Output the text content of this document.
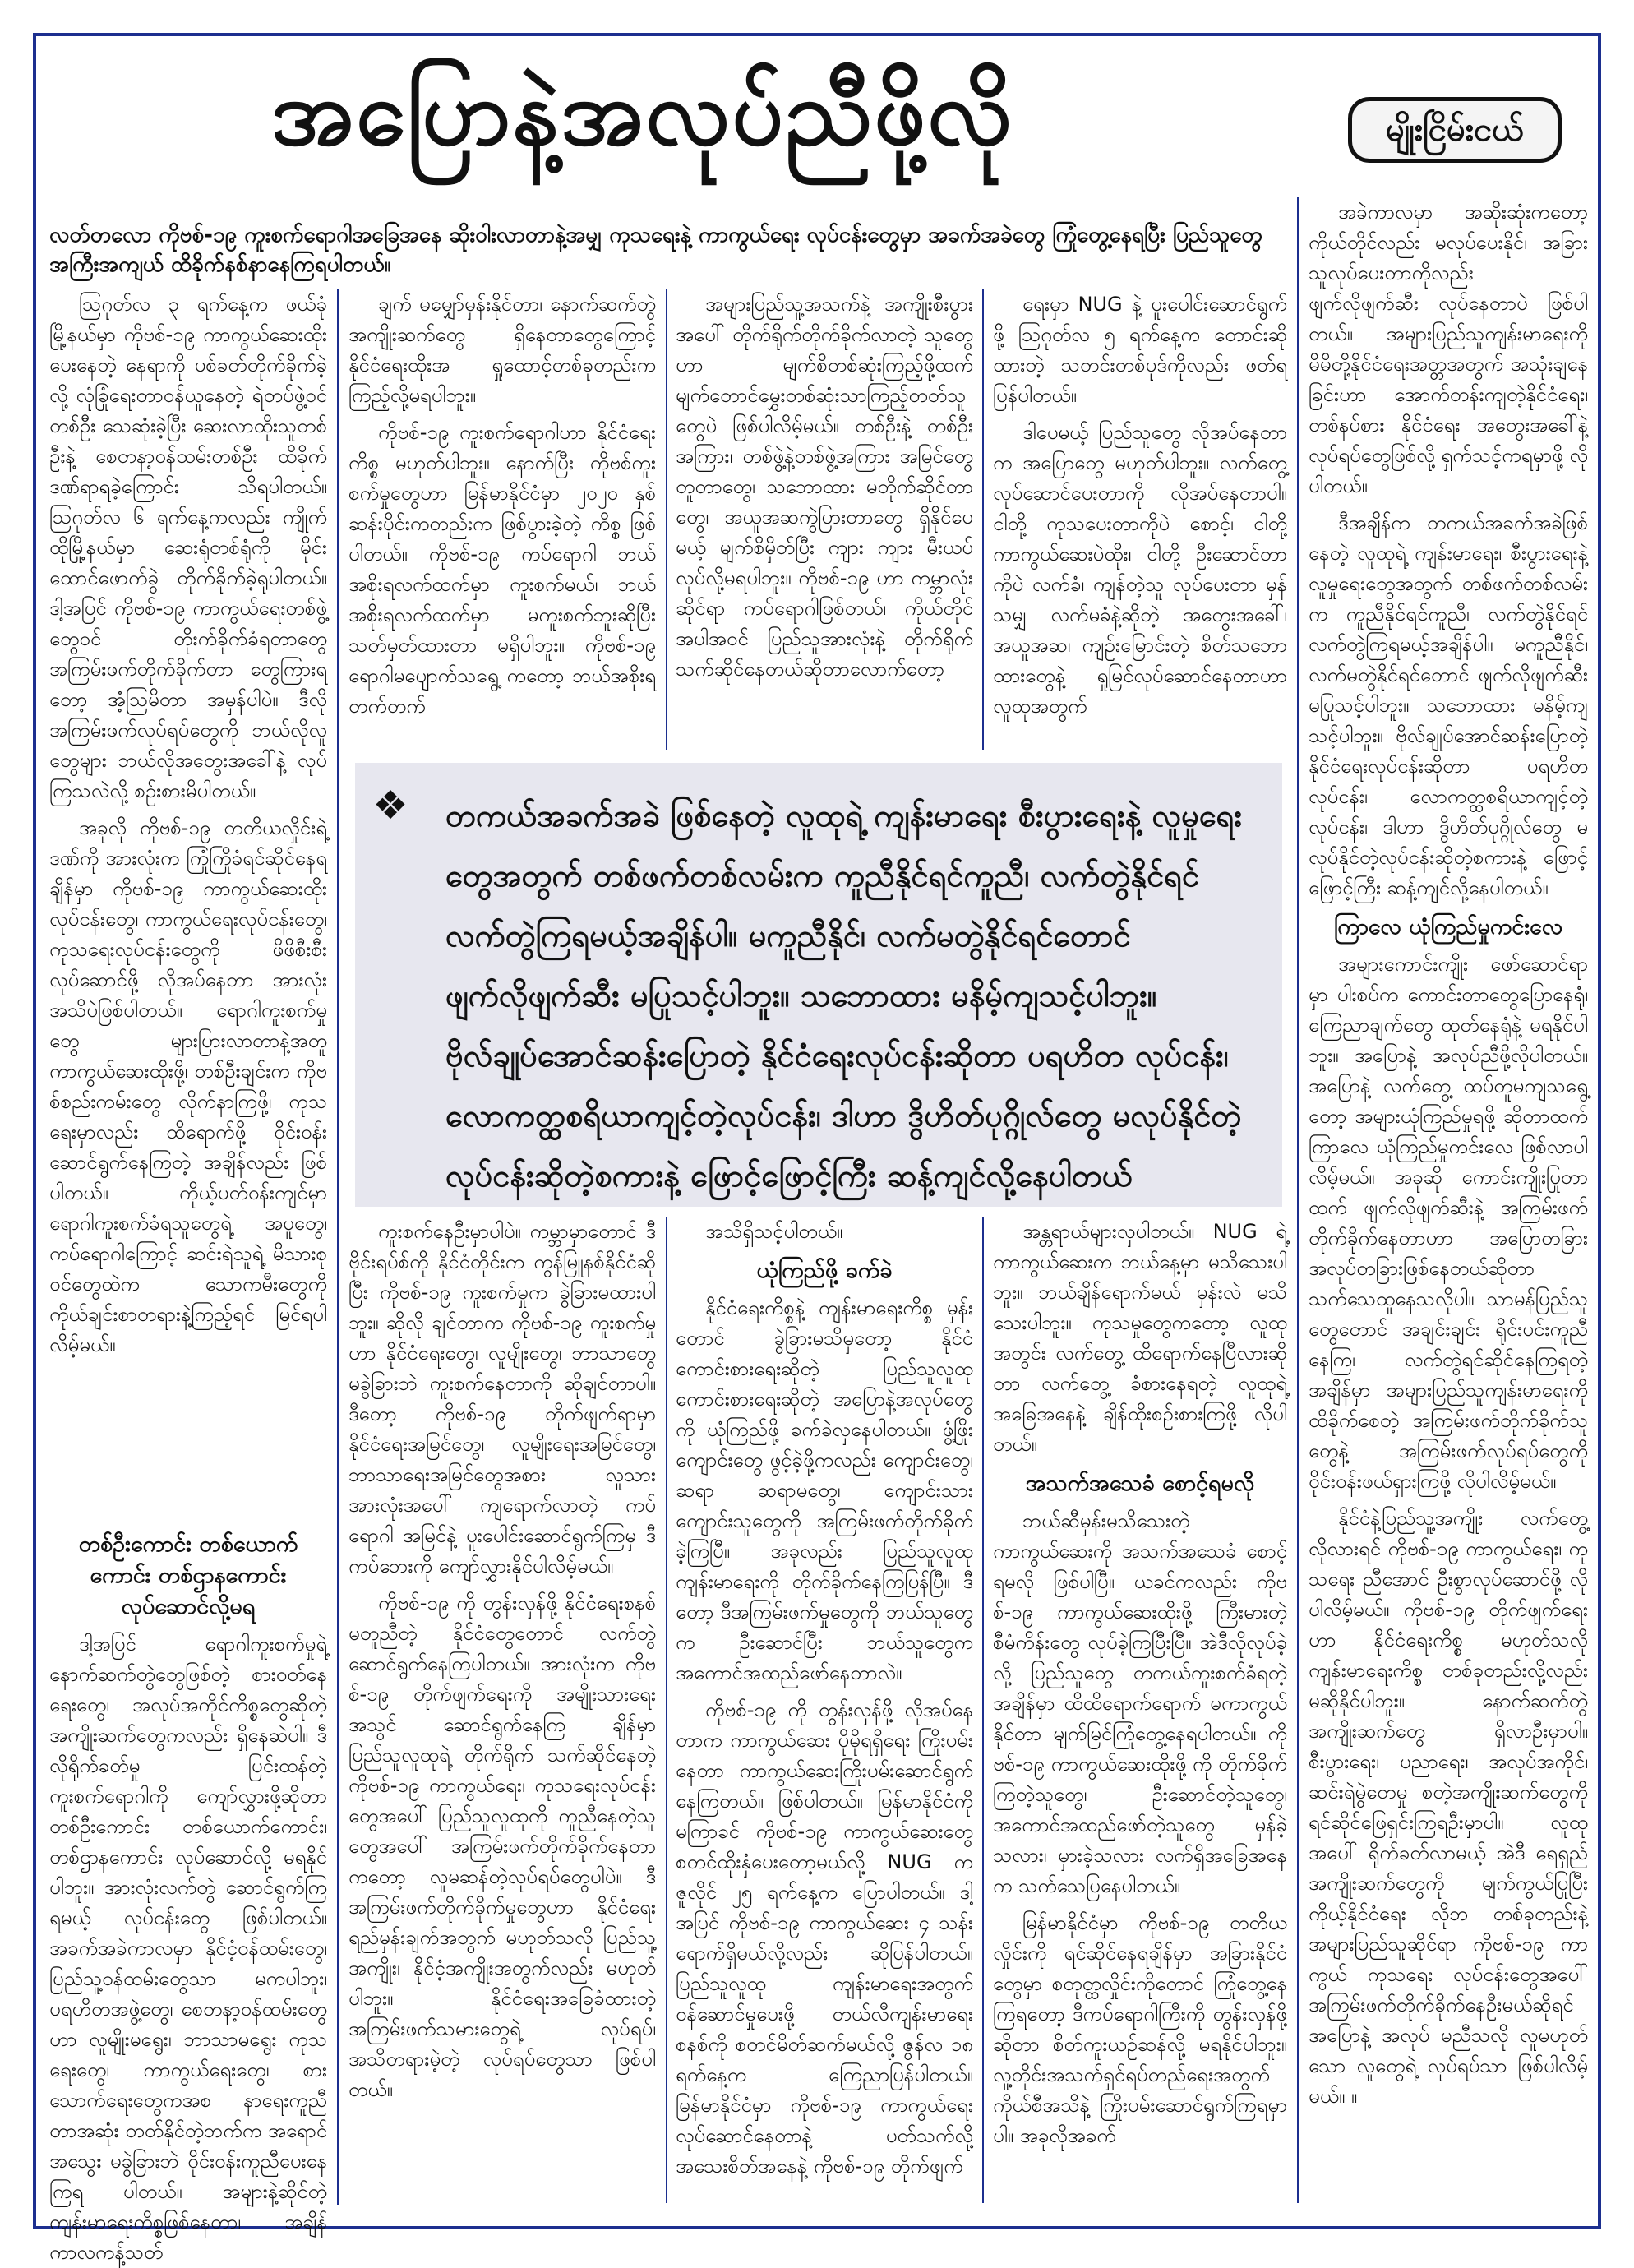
အပြောနဲ့အလုပ်ညီဖို့လို	မျိုးငြိမ်းငယ်
လတ်တလော ကိုဗစ်-၁၉ ကူးစက်ရောဂါအခြေအနေ ဆိုးဝါးလာတာနဲ့အမျှ ကုသရေးနဲ့ ကာကွယ်ရေး လုပ်ငန်းတွေမှာ အခက်အခဲတွေ ကြုံတွေ့နေရပြီး ပြည်သူတွေ အကြီးအကျယ် ထိခိုက်နစ်နာနေကြရပါတယ်။

ဩဂုတ်လ ၃ ရက်နေ့က ဖယ်ခုံမြို့နယ်မှာ ကိုဗစ်-၁၉ ကာကွယ်ဆေးထိုးပေးနေတဲ့ နေရာကို ပစ်ခတ်တိုက်ခိုက်ခဲ့လို့ လုံခြုံရေးတာဝန်ယူနေတဲ့ ရဲတပ်ဖွဲ့ဝင်တစ်ဦး သေဆုံးခဲ့ပြီး ဆေးလာထိုးသူတစ်ဦးနဲ့ စေတနာ့ဝန်ထမ်းတစ်ဦး ထိခိုက်ဒဏ်ရာရခဲ့ကြောင်း သိရပါတယ်။ ဩဂုတ်လ ၆ ရက်နေ့ကလည်း ကျိုက်ထိုမြို့နယ်မှာ ဆေးရုံတစ်ရုံကို မိုင်းထောင်ဖောက်ခွဲ တိုက်ခိုက်ခဲ့ရုပါတယ်။ ဒါ့အပြင် ကိုဗစ်-၁၉ ကာကွယ်ရေးတစ်ဖွဲ့တွေဝင် တိုးက်ခိုက်ခံရတာတွေ အကြမ်းဖက်တိုက်ခိုက်တာ တွေကြားရတော့ အံ့သြမိတာ အမှန်ပါပဲ။ ဒီလို အကြမ်းဖက်လုပ်ရပ်တွေကို ဘယ်လိုလူတွေများ ဘယ်လိုအတွေးအခေါ်နဲ့ လုပ်ကြသလဲလို့ စဉ်းစားမိပါတယ်။

အခုလို ကိုဗစ်-၁၉ တတိယလှိုင်းရဲ့ ဒဏ်ကို အားလုံးက ကြုံကြိုခံရင်ဆိုင်နေရချိန်မှာ ကိုဗစ်-၁၉ ကာကွယ်ဆေးထိုး လုပ်ငန်းတွေ၊ ကာကွယ်ရေးလုပ်ငန်းတွေ၊ ကုသရေးလုပ်ငန်းတွေကို ဖိဖိစီးစီး လုပ်ဆောင်ဖို့ လိုအပ်နေတာ အားလုံးအသိပဲဖြစ်ပါတယ်။ ရောဂါကူးစက်မှုတွေ များပြားလာတာနဲ့အတူ ကာကွယ်ဆေးထိုးဖို့၊ တစ်ဦးချင်းက ကိုဗစ်စည်းကမ်းတွေ လိုက်နာကြဖို့၊ ကုသရေးမှာလည်း ထိရောက်ဖို့ ဝိုင်းဝန်းဆောင်ရွက်နေကြတဲ့ အချိန်လည်း ဖြစ်ပါတယ်။ ကိုယ့်ပတ်ဝန်းကျင်မှာ ရောဂါကူးစက်ခံရသူတွေရဲ့ အပူတွေ၊ ကပ်ရောဂါကြောင့် ဆင်းရဲသူရဲ့ မိသားစုဝင်တွေထဲက သောကမီးတွေကို ကိုယ်ချင်းစာတရားနဲ့ကြည့်ရင် မြင်ရပါလိမ့်မယ်။

တစ်ဦးကောင်း တစ်ယောက်ကောင်း တစ်ဌာနကောင်း လုပ်ဆောင်လို့မရ

ဒါ့အပြင် ရောဂါကူးစက်မှုရဲ့ နောက်ဆက်တွဲတွေဖြစ်တဲ့ စားဝတ်နေရေးတွေ၊ အလုပ်အကိုင်ကိစ္စတွေဆိုတဲ့ အကျိုးဆက်တွေကလည်း ရှိနေဆဲပါ။ ဒီလိုရိုက်ခတ်မှု ပြင်းထန်တဲ့ ကူးစက်ရောဂါကို ကျော်လွှားဖို့ဆိုတာ တစ်ဦးကောင်း တစ်ယောက်ကောင်း၊ တစ်ဌာနကောင်း လုပ်ဆောင်လို့ မရနိုင်ပါဘူး။ အားလုံးလက်တွဲ ဆောင်ရွက်ကြရမယ့် လုပ်ငန်းတွေ ဖြစ်ပါတယ်။ အခက်အခဲကာလမှာ နိုင်ငံ့ဝန်ထမ်းတွေ၊ ပြည်သူ့ဝန်ထမ်းတွေသာ မကပါဘူး၊ ပရဟိတအဖွဲ့တွေ၊ စေတနာ့ဝန်ထမ်းတွေဟာ လူမျိုးမရွေး၊ ဘာသာမရွေး ကုသရေးတွေ၊ ကာကွယ်ရေးတွေ၊ စားသောက်ရေးတွေကအစ နာရေးကူညီတာအဆုံး တတ်နိုင်တဲ့ဘက်က အရောင်အသွေး မခွဲခြားဘဲ ဝိုင်းဝန်းကူညီပေးနေကြရ ပါတယ်။ အများနဲ့ဆိုင်တဲ့ ကျန်းမာရေးကိစ္စဖြစ်နေတာ၊ အချိန်ကာလကန့်သတ်

ချက် မမျှော်မှန်းနိုင်တာ၊ နောက်ဆက်တွဲ အကျိုးဆက်တွေ ရှိနေတာတွေကြောင့် နိုင်ငံရေးထိုးအ ရှုထောင့်တစ်ခုတည်းက ကြည့်လို့မရပါဘူး။

ကိုဗစ်-၁၉ ကူးစက်ရောဂါဟာ နိုင်ငံရေးကိစ္စ မဟုတ်ပါဘူး။ နောက်ပြီး ကိုဗစ်ကူးစက်မှုတွေဟာ မြန်မာနိုင်ငံမှာ ၂၀၂၀ နှစ်ဆန်းပိုင်းကတည်းက ဖြစ်ပွားခဲ့တဲ့ ကိစ္စ ဖြစ်ပါတယ်။ ကိုဗစ်-၁၉ ကပ်ရောဂါ ဘယ်အစိုးရလက်ထက်မှာ ကူးစက်မယ်၊ ဘယ်အစိုးရလက်ထက်မှာ မကူးစက်ဘူးဆိုပြီး သတ်မှတ်ထားတာ မရှိပါဘူး။ ကိုဗစ်-၁၉ ရောဂါမပျောက်သရွေ့ ကတော့ ဘယ်အစိုးရတက်တက်

ကူးစက်နေဦးမှာပါပဲ။ ကမ္ဘာမှာတောင် ဒီဗိုင်းရပ်စ်ကို နိုင်ငံတိုင်းက ကွန်မြူနစ်နိုင်ငံဆိုပြီး ကိုဗစ်-၁၉ ကူးစက်မှုက ခွဲခြားမထားပါဘူး။ ဆိုလို ချင်တာက ကိုဗစ်-၁၉ ကူးစက်မှုဟာ နိုင်ငံရေးတွေ၊ လူမျိုးတွေ၊ ဘာသာတွေ မခွဲခြားဘဲ ကူးစက်နေတာကို ဆိုချင်တာပါ။ ဒီတော့ ကိုဗစ်-၁၉ တိုက်ဖျက်ရာမှာ နိုင်ငံရေးအမြင်တွေ၊ လူမျိုးရေးအမြင်တွေ၊ ဘာသာရေးအမြင်တွေအစား လူသားအားလုံးအပေါ် ကျရောက်လာတဲ့ ကပ်ရောဂါ အမြင်နဲ့ ပူးပေါင်းဆောင်ရွက်ကြမှ ဒီကပ်ဘေးကို ကျော်လွှားနိုင်ပါလိမ့်မယ်။

ကိုဗစ်-၁၉ ကို တွန်းလှန်ဖို့ နိုင်ငံရေးစနစ် မတူညီတဲ့ နိုင်ငံတွေတောင် လက်တွဲ ဆောင်ရွက်နေကြပါတယ်။ အားလုံးက ကိုဗစ်-၁၉ တိုက်ဖျက်ရေးကို အမျိုးသားရေးအသွင် ဆောင်ရွက်နေကြ ချိန်မှာ ပြည်သူလူထုရဲ့ တိုက်ရိုက် သက်ဆိုင်နေတဲ့ ကိုဗစ်-၁၉ ကာကွယ်ရေး၊ ကုသရေးလုပ်ငန်းတွေအပေါ် ပြည်သူလူထုကို ကူညီနေတဲ့သူတွေအပေါ် အကြမ်းဖက်တိုက်ခိုက်နေတာကတော့ လူမဆန်တဲ့လုပ်ရပ်တွေပါပဲ။ ဒီအကြမ်းဖက်တိုက်ခိုက်မှုတွေဟာ နိုင်ငံရေးရည်မှန်းချက်အတွက် မဟုတ်သလို ပြည်သူ့အကျိုး၊ နိုင်ငံ့အကျိုးအတွက်လည်း မဟုတ်ပါဘူး။ နိုင်ငံရေးအခြေခံထားတဲ့ အကြမ်းဖက်သမားတွေရဲ့ လုပ်ရပ်၊ အသိတရားမဲ့တဲ့ လုပ်ရပ်တွေသာ ဖြစ်ပါတယ်။

အများပြည်သူ့အသက်နဲ့ အကျိုးစီးပွားအပေါ် တိုက်ရိုက်တိုက်ခိုက်လာတဲ့ သူတွေဟာ မျက်စိတစ်ဆုံးကြည့်ဖို့ထက် မျက်တောင်မွှေးတစ်ဆုံးသာကြည့်တတ်သူတွေပဲ ဖြစ်ပါလိမ့်မယ်။ တစ်ဦးနဲ့ တစ်ဦးအကြား၊ တစ်ဖွဲ့နဲ့တစ်ဖွဲ့အကြား အမြင်တွေတူတာတွေ၊ သဘောထား မတိုက်ဆိုင်တာတွေ၊ အယူအဆကွဲပြားတာတွေ ရှိနိုင်ပေမယ့် မျက်စိမှိတ်ပြီး ကျား ကျား မီးယပ် လုပ်လို့မရပါဘူး။ ကိုဗစ်-၁၉ ဟာ ကမ္ဘာလုံးဆိုင်ရာ ကပ်ရောဂါဖြစ်တယ်၊ ကိုယ်တိုင်အပါအဝင် ပြည်သူအားလုံးနဲ့ တိုက်ရိုက်သက်ဆိုင်နေတယ်ဆိုတာလောက်တော့

အသိရှိသင့်ပါတယ်။

ယုံကြည်ဖို့ ခက်ခဲ

နိုင်ငံရေးကိစ္စနဲ့ ကျန်းမာရေးကိစ္စ မှန်းတောင် ခွဲခြားမသိမှတော့ နိုင်ငံကောင်းစားရေးဆိုတဲ့ ပြည်သူလူထု ကောင်းစားရေးဆိုတဲ့ အပြောနဲ့အလုပ်တွေကို ယုံကြည်ဖို့ ခက်ခဲလှနေပါတယ်။ ဖွံ့ဖြိုးကျောင်းတွေ ဖွင့်ခဲ့ဖို့ကလည်း ကျောင်းတွေ၊ ဆရာ ဆရာမတွေ၊ ကျောင်းသားကျောင်းသူတွေကို အကြမ်းဖက်တိုက်ခိုက်ခဲ့ကြပြီ။ အခုလည်း ပြည်သူလူထုကျန်းမာရေးကို တိုက်ခိုက်နေကြပြန်ပြီ။ ဒီတော့ ဒီအကြမ်းဖက်မှုတွေကို ဘယ်သူတွေက ဦးဆောင်ပြီး ဘယ်သူတွေက အကောင်အထည်ဖော်နေတာလဲ။

ကိုဗစ်-၁၉ ကို တွန်းလှန်ဖို့ လိုအပ်နေတာက ကာကွယ်ဆေး ပိုမိုရရှိရေး ကြိုးပမ်းနေတာ ကာကွယ်ဆေးကြိုးပမ်းဆောင်ရွက်နေကြတယ်။ ဖြစ်ပါတယ်။ မြန်မာနိုင်ငံကို မကြာခင် ကိုဗစ်-၁၉ ကာကွယ်ဆေးတွေ စတင်ထိုးနှံပေးတော့မယ်လို့ NUG က ဇူလိုင် ၂၅ ရက်နေ့က ပြောပါတယ်။ ဒါ့အပြင် ကိုဗစ်-၁၉ ကာကွယ်ဆေး ၄ သန်း ရောက်ရှိမယ်လို့လည်း ဆိုပြန်ပါတယ်။ ပြည်သူလူထု ကျန်းမာရေးအတွက် ဝန်ဆောင်မှုပေးဖို့ တယ်လီကျန်းမာရေးစနစ်ကို စတင်မိတ်ဆက်မယ်လို့ ဇွန်လ ၁၈ ရက်နေ့က ကြေညာပြန်ပါတယ်။ မြန်မာနိုင်ငံမှာ ကိုဗစ်-၁၉ ကာကွယ်ရေး လုပ်ဆောင်နေတာနဲ့ ပတ်သက်လို့ အသေးစိတ်အနေနဲ့ ကိုဗစ်-၁၉ တိုက်ဖျက်

ရေးမှာ NUG နဲ့ ပူးပေါင်းဆောင်ရွက်ဖို့ ဩဂုတ်လ ၅ ရက်နေ့က တောင်းဆိုထားတဲ့ သတင်းတစ်ပုဒ်ကိုလည်း ဖတ်ရပြန်ပါတယ်။

ဒါပေမယ့် ပြည်သူတွေ လိုအပ်နေတာက အပြောတွေ မဟုတ်ပါဘူး။ လက်တွေ့လုပ်ဆောင်ပေးတာကို လိုအပ်နေတာပါ။ ငါတို့ ကုသပေးတာကိုပဲ စောင့်၊ ငါတို့ ကာကွယ်ဆေးပဲထိုး၊ ငါတို့ ဦးဆောင်တာကိုပဲ လက်ခံ၊ ကျန်တဲ့သူ လုပ်ပေးတာ မှန်သမျှ လက်မခံနဲ့ဆိုတဲ့ အတွေးအခေါ်၊ အယူအဆ၊ ကျဉ်းမြောင်းတဲ့ စိတ်သဘောထားတွေနဲ့ ရှုမြင်လုပ်ဆောင်နေတာဟာ လူထုအတွက်

အန္တရာယ်များလှပါတယ်။ NUG ရဲ့ ကာကွယ်ဆေးက ဘယ်နေ့မှာ မသိသေးပါဘူး။ ဘယ်ချိန်ရောက်မယ် မှန်းလဲ မသိသေးပါဘူး။ ကုသမှုတွေကတော့ လူထုအတွင်း လက်တွေ့ ထိရောက်နေပြီလားဆိုတာ လက်တွေ့ ခံစားနေရတဲ့ လူထုရဲ့အခြေအနေနဲ့ ချိန်ထိုးစဉ်းစားကြဖို့ လိုပါတယ်။

အသက်အသေခံ စောင့်ရမလို

ဘယ်ဆီမှန်းမသိသေးတဲ့ ကာကွယ်ဆေးကို အသက်အသေခံ စောင့်ရမလို ဖြစ်ပါပြီ။ ယခင်ကလည်း ကိုဗစ်-၁၉ ကာကွယ်ဆေးထိုးဖို့ ကြီးမားတဲ့စီမံကိန်းတွေ လုပ်ခဲ့ကြပြီးပြီ။ အဲဒီလိုလုပ်ခဲ့လို့ ပြည်သူတွေ တကယ်ကူးစက်ခံရတဲ့အချိန်မှာ ထိထိရောက်ရောက် မကာကွယ်နိုင်တာ မျက်မြင်ကြုံတွေ့နေရပါတယ်။ ကိုဗစ်-၁၉ ကာကွယ်ဆေးထိုးဖို့ ကို တိုက်ခိုက်ကြတဲ့သူတွေ၊ ဦးဆောင်တဲ့သူတွေ၊ အကောင်အထည်ဖော်တဲ့သူတွေ မှန်ခဲ့သလား၊ မှားခဲ့သလား လက်ရှိအခြေအနေက သက်သေပြနေပါတယ်။

မြန်မာနိုင်ငံမှာ ကိုဗစ်-၁၉ တတိယလှိုင်းကို ရင်ဆိုင်နေရချိန်မှာ အခြားနိုင်ငံတွေမှာ စတုတ္ထလှိုင်းကိုတောင် ကြုံတွေ့နေကြရတော့ ဒီကပ်ရောဂါကြီးကို တွန်းလှန်ဖို့ဆိုတာ စိတ်ကူးယဉ်ဆန်လို့ မရနိုင်ပါဘူး။ လူ့တိုင်းအသက်ရှင်ရပ်တည်ရေးအတွက် ကိုယ်စီအသိနဲ့ ကြိုးပမ်းဆောင်ရွက်ကြရမှာပါ။ အခုလိုအခက်

အခဲကာလမှာ အဆိုးဆုံးကတော့ ကိုယ်တိုင်လည်း မလုပ်ပေးနိုင်၊ အခြားသူလုပ်ပေးတာကိုလည်း ဖျက်လိုဖျက်ဆီး လုပ်နေတာပဲ ဖြစ်ပါတယ်။ အများပြည်သူကျန်းမာရေးကို မိမိတို့နိုင်ငံရေးအတ္တအတွက် အသုံးချနေခြင်းဟာ အောက်တန်းကျတဲ့နိုင်ငံရေး၊ တစ်နပ်စား နိုင်ငံရေး အတွေးအခေါ်နဲ့ လုပ်ရပ်တွေဖြစ်လို့ ရှက်သင့်ကရမှာဖို့ လိုပါတယ်။

ဒီအချိန်က တကယ်အခက်အခဲဖြစ်နေတဲ့ လူထုရဲ့ ကျန်းမာရေး၊ စီးပွားရေးနဲ့ လူမှုရေးတွေအတွက် တစ်ဖက်တစ်လမ်းက ကူညီနိုင်ရင်ကူညီ၊ လက်တွဲနိုင်ရင် လက်တွဲကြရမယ့်အချိန်ပါ။ မကူညီနိုင်၊ လက်မတွဲနိုင်ရင်တောင် ဖျက်လိုဖျက်ဆီး မပြုသင့်ပါဘူး။ သဘောထား မနိမ့်ကျသင့်ပါဘူး။ ဗိုလ်ချုပ်အောင်ဆန်းပြောတဲ့ နိုင်ငံရေးလုပ်ငန်းဆိုတာ ပရဟိတလုပ်ငန်း၊ လောကတ္ထစရိယာကျင့်တဲ့လုပ်ငန်း၊ ဒါဟာ ဒွိဟိတ်ပုဂ္ဂိုလ်တွေ မလုပ်နိုင်တဲ့လုပ်ငန်းဆိုတဲ့စကားနဲ့ ဖြောင့်ဖြောင့်ကြီး ဆန့်ကျင်လို့နေပါတယ်။

ကြာလေ ယုံကြည်မှုကင်းလေ

အများကောင်းကျိုး ဖော်ဆောင်ရာမှာ ပါးစပ်က ကောင်းတာတွေပြောနေရုံ၊ ကြေညာချက်တွေ ထုတ်နေရုံနဲ့ မရနိုင်ပါဘူး။ အပြောနဲ့ အလုပ်ညီဖို့လိုပါတယ်။ အပြောနဲ့ လက်တွေ့ ထပ်တူမကျသရွေ့တော့ အများယုံကြည်မှုရဖို့ ဆိုတာထက် ကြာလေ ယုံကြည်မှုကင်းလေ ဖြစ်လာပါလိမ့်မယ်။ အခုဆို ကောင်းကျိုးပြုတာထက် ဖျက်လိုဖျက်ဆီးနဲ့ အကြမ်းဖက်တိုက်ခိုက်နေတာဟာ အပြောတခြား အလုပ်တခြားဖြစ်နေတယ်ဆိုတာ သက်သေထူနေသလိုပါ။ သာမန်ပြည်သူတွေတောင် အချင်းချင်း ရိုင်းပင်းကူညီနေကြ၊ လက်တွဲရင်ဆိုင်နေကြရတဲ့ အချိန်မှာ အများပြည်သူကျန်းမာရေးကို ထိခိုက်စေတဲ့ အကြမ်းဖက်တိုက်ခိုက်သူတွေနဲ့ အကြမ်းဖက်လုပ်ရပ်တွေကို ဝိုင်းဝန်းဖယ်ရှားကြဖို့ လိုပါလိမ့်မယ်။

နိုင်ငံနဲ့ပြည်သူ့အကျိုး လက်တွေ့လိုလားရင် ကိုဗစ်-၁၉ ကာကွယ်ရေး၊ ကုသရေး ညီအောင် ဦးစွာလုပ်ဆောင်ဖို့ လိုပါလိမ့်မယ်။ ကိုဗစ်-၁၉ တိုက်ဖျက်ရေးဟာ နိုင်ငံရေးကိစ္စ မဟုတ်သလို ကျန်းမာရေးကိစ္စ တစ်ခုတည်းလို့လည်း မဆိုနိုင်ပါဘူး။ နောက်ဆက်တွဲ အကျိုးဆက်တွေ ရှိလာဦးမှာပါ။ စီးပွားရေး၊ ပညာရေး၊ အလုပ်အကိုင်၊ ဆင်းရဲမွဲတေမှု စတဲ့အကျိုးဆက်တွေကို ရင်ဆိုင်ဖြေရှင်းကြရဦးမှာပါ။ လူထုအပေါ် ရိုက်ခတ်လာမယ့် အဲဒီ ရေရှည်အကျိုးဆက်တွေကို မျက်ကွယ်ပြုပြီး ကိုယ့်နိုင်ငံရေး လိုဘ တစ်ခုတည်းနဲ့ အများပြည်သူဆိုင်ရာ ကိုဗစ်-၁၉ ကာကွယ် ကုသရေး လုပ်ငန်းတွေအပေါ် အကြမ်းဖက်တိုက်ခိုက်နေဦးမယ်ဆိုရင် အပြောနဲ့ အလုပ် မညီသလို လူမဟုတ်သော လူတွေရဲ့ လုပ်ရပ်သာ ဖြစ်ပါလိမ့်မယ်။ ။

တကယ်အခက်အခဲ ဖြစ်နေတဲ့ လူထုရဲ့ ကျန်းမာရေး စီးပွားရေးနဲ့ လူမှုရေးတွေအတွက် တစ်ဖက်တစ်လမ်းက ကူညီနိုင်ရင်ကူညီ၊ လက်တွဲနိုင်ရင် လက်တွဲကြရမယ့်အချိန်ပါ။ မကူညီနိုင်၊ လက်မတွဲနိုင်ရင်တောင် ဖျက်လိုဖျက်ဆီး မပြုသင့်ပါဘူး။ သဘောထား မနိမ့်ကျသင့်ပါဘူး။ ဗိုလ်ချုပ်အောင်ဆန်းပြောတဲ့ နိုင်ငံရေးလုပ်ငန်းဆိုတာ ပရဟိတ လုပ်ငန်း၊ လောကတ္ထစရိယာကျင့်တဲ့လုပ်ငန်း၊ ဒါဟာ ဒွိဟိတ်ပုဂ္ဂိုလ်တွေ မလုပ်နိုင်တဲ့ လုပ်ငန်းဆိုတဲ့စကားနဲ့ ဖြောင့်ဖြောင့်ကြီး ဆန့်ကျင်လို့နေပါတယ်
❖
